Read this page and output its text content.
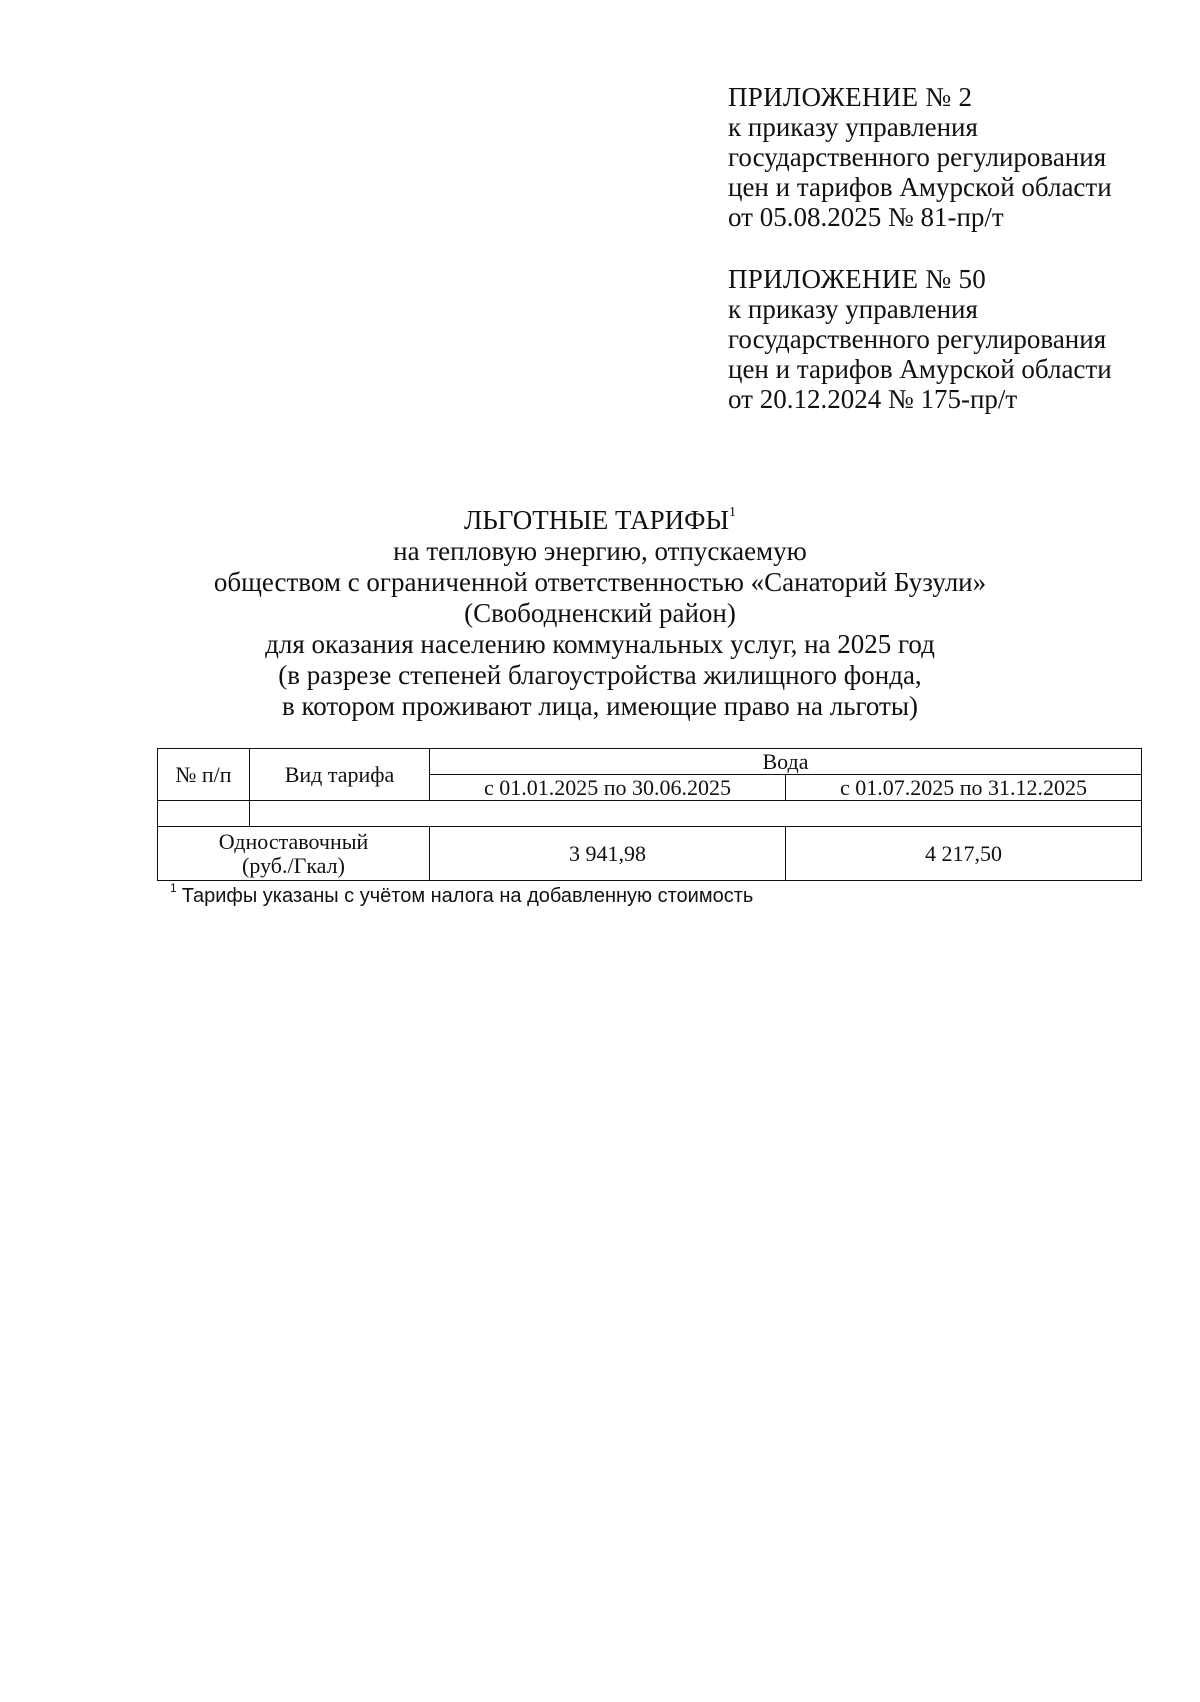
ПРИЛОЖЕНИЕ № 2
к приказу управления
государственного регулирования
цен и тарифов Амурской области
от 05.08.2025 № 81-пр/т
ПРИЛОЖЕНИЕ № 50
к приказу управления
государственного регулирования
цен и тарифов Амурской области
от 20.12.2024 № 175-пр/т
ЛЬГОТНЫЕ ТАРИФЫ$^1$
на тепловую энергию, отпускаемую
обществом с ограниченной ответственностью «Санаторий Бузули»
(Свободненский район)
для оказания населению коммунальных услуг, на 2025 год
(в разрезе степеней благоустройства жилищного фонда,
в котором проживают лица, имеющие право на льготы)
№ п/п	Вид тарифа	Вода	
		с 01.01.2025 по 30.06.2025	с 01.07.2025 по 31.12.2025

Одноставочный
(руб./Гкал)		3 941,98	4 217,50
$^1$ Тарифы указаны с учётом налога на добавленную стоимость
